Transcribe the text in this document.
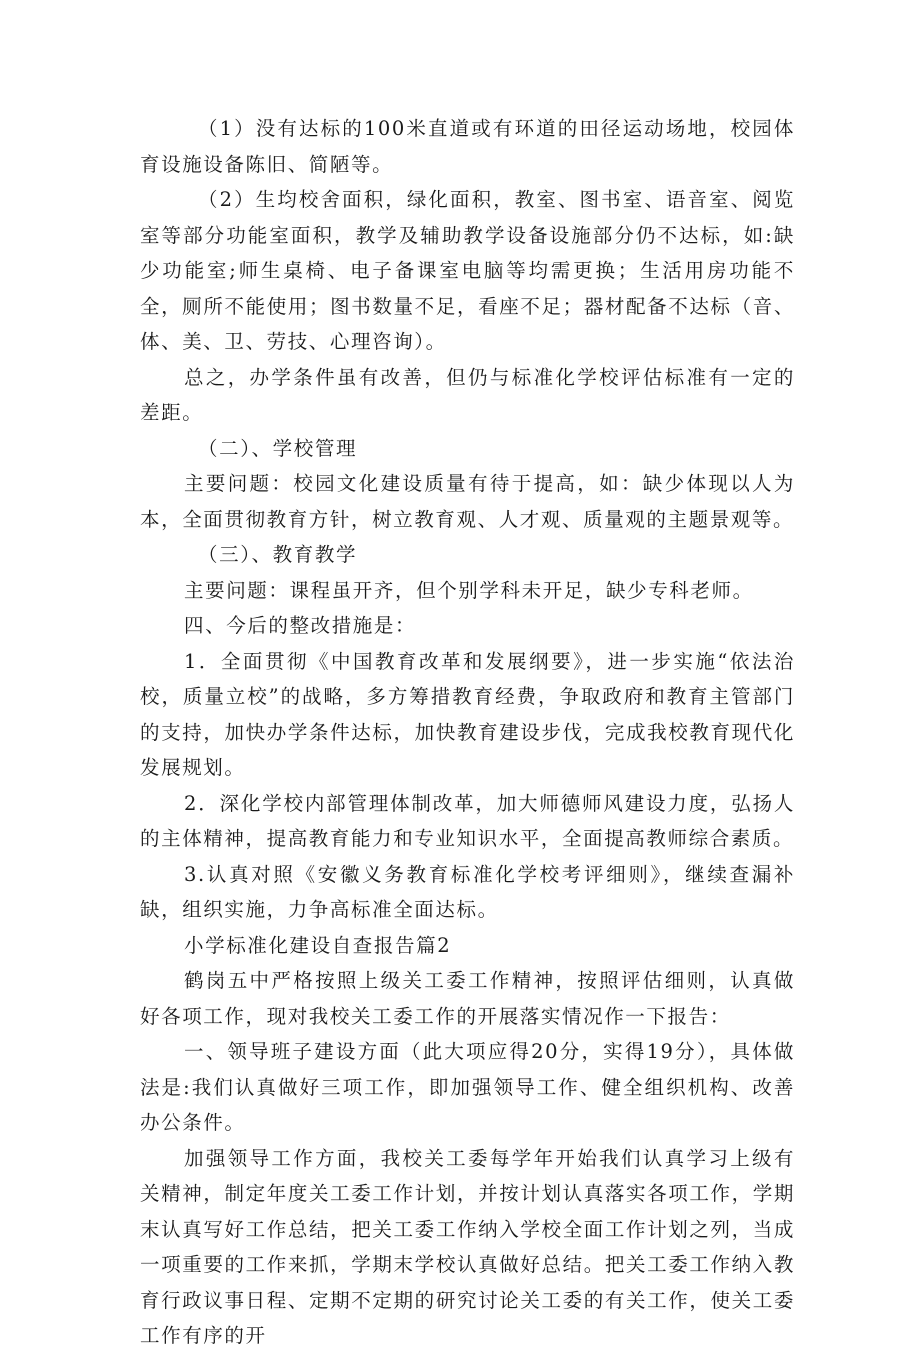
（1）没有达标的100米直道或有环道的田径运动场地，校园体育设施设备陈旧、简陋等。

（2）生均校舍面积，绿化面积，教室、图书室、语音室、阅览室等部分功能室面积，教学及辅助教学设备设施部分仍不达标，如:缺少功能室;师生桌椅、电子备课室电脑等均需更换；生活用房功能不全，厕所不能使用；图书数量不足，看座不足；器材配备不达标（音、体、美、卫、劳技、心理咨询）。

总之，办学条件虽有改善，但仍与标准化学校评估标准有一定的差距。

（二）、学校管理

主要问题：校园文化建设质量有待于提高，如：缺少体现以人为本，全面贯彻教育方针，树立教育观、人才观、质量观的主题景观等。

（三）、教育教学

主要问题：课程虽开齐，但个别学科未开足，缺少专科老师。

四、今后的整改措施是：

1．全面贯彻《中国教育改革和发展纲要》，进一步实施“依法治校，质量立校”的战略，多方筹措教育经费，争取政府和教育主管部门的支持，加快办学条件达标，加快教育建设步伐，完成我校教育现代化发展规划。

2．深化学校内部管理体制改革，加大师德师风建设力度，弘扬人的主体精神，提高教育能力和专业知识水平，全面提高教师综合素质。

3.认真对照《安徽义务教育标准化学校考评细则》，继续查漏补缺，组织实施，力争高标准全面达标。

小学标准化建设自查报告篇2

鹤岗五中严格按照上级关工委工作精神，按照评估细则，认真做好各项工作，现对我校关工委工作的开展落实情况作一下报告：

一、领导班子建设方面（此大项应得20分，实得19分），具体做法是:我们认真做好三项工作，即加强领导工作、健全组织机构、改善办公条件。

加强领导工作方面，我校关工委每学年开始我们认真学习上级有关精神，制定年度关工委工作计划，并按计划认真落实各项工作，学期末认真写好工作总结，把关工委工作纳入学校全面工作计划之列，当成一项重要的工作来抓，学期末学校认真做好总结。把关工委工作纳入教育行政议事日程、定期不定期的研究讨论关工委的有关工作，使关工委工作有序的开
